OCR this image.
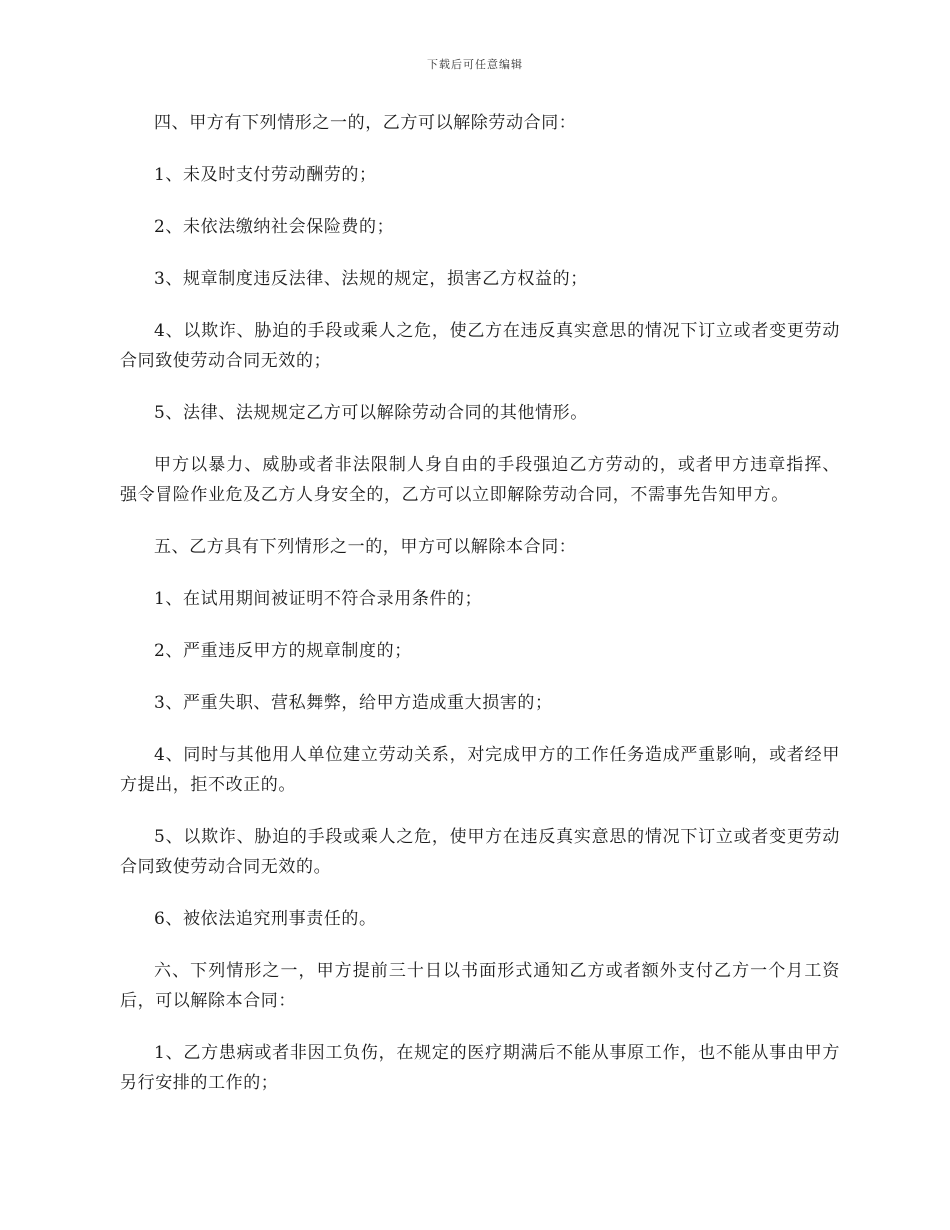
下载后可任意编辑

四、甲方有下列情形之一的，乙方可以解除劳动合同：

1、未及时支付劳动酬劳的；

2、未依法缴纳社会保险费的；

3、规章制度违反法律、法规的规定，损害乙方权益的；

4、以欺诈、胁迫的手段或乘人之危，使乙方在违反真实意思的情况下订立或者变更劳动合同致使劳动合同无效的；

5、法律、法规规定乙方可以解除劳动合同的其他情形。

甲方以暴力、威胁或者非法限制人身自由的手段强迫乙方劳动的，或者甲方违章指挥、强令冒险作业危及乙方人身安全的，乙方可以立即解除劳动合同，不需事先告知甲方。

五、乙方具有下列情形之一的，甲方可以解除本合同：

1、在试用期间被证明不符合录用条件的；

2、严重违反甲方的规章制度的；

3、严重失职、营私舞弊，给甲方造成重大损害的；

4、同时与其他用人单位建立劳动关系，对完成甲方的工作任务造成严重影响，或者经甲方提出，拒不改正的。

5、以欺诈、胁迫的手段或乘人之危，使甲方在违反真实意思的情况下订立或者变更劳动合同致使劳动合同无效的。

6、被依法追究刑事责任的。

六、下列情形之一，甲方提前三十日以书面形式通知乙方或者额外支付乙方一个月工资后，可以解除本合同：

1、乙方患病或者非因工负伤，在规定的医疗期满后不能从事原工作，也不能从事由甲方另行安排的工作的；
